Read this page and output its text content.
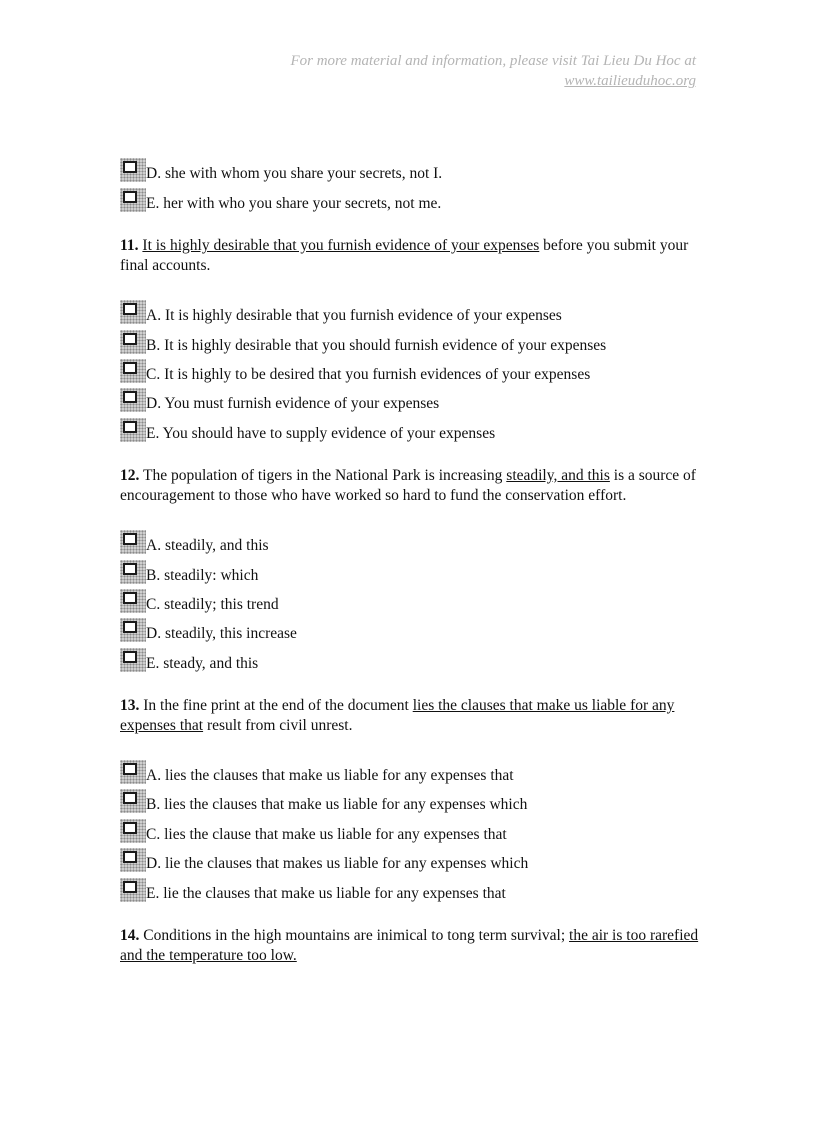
For more material and information, please visit Tai Lieu Du Hoc at
www.tailieuduhoc.org
D. she with whom you share your secrets, not I.
E. her with who you share your secrets, not me.
11. It is highly desirable that you furnish evidence of your expenses before you submit your final accounts.
A. It is highly desirable that you furnish evidence of your expenses
B. It is highly desirable that you should furnish evidence of your expenses
C. It is highly to be desired that you furnish evidences of your expenses
D. You must furnish evidence of your expenses
E. You should have to supply evidence of your expenses
12. The population of tigers in the National Park is increasing steadily, and this is a source of encouragement to those who have worked so hard to fund the conservation effort.
A. steadily, and this
B. steadily: which
C. steadily; this trend
D. steadily, this increase
E. steady, and this
13. In the fine print at the end of the document lies the clauses that make us liable for any expenses that result from civil unrest.
A. lies the clauses that make us liable for any expenses that
B. lies the clauses that make us liable for any expenses which
C. lies the clause that make us liable for any expenses that
D. lie the clauses that makes us liable for any expenses which
E. lie the clauses that make us liable for any expenses that
14. Conditions in the high mountains are inimical to tong term survival; the air is too rarefied and the temperature too low.
